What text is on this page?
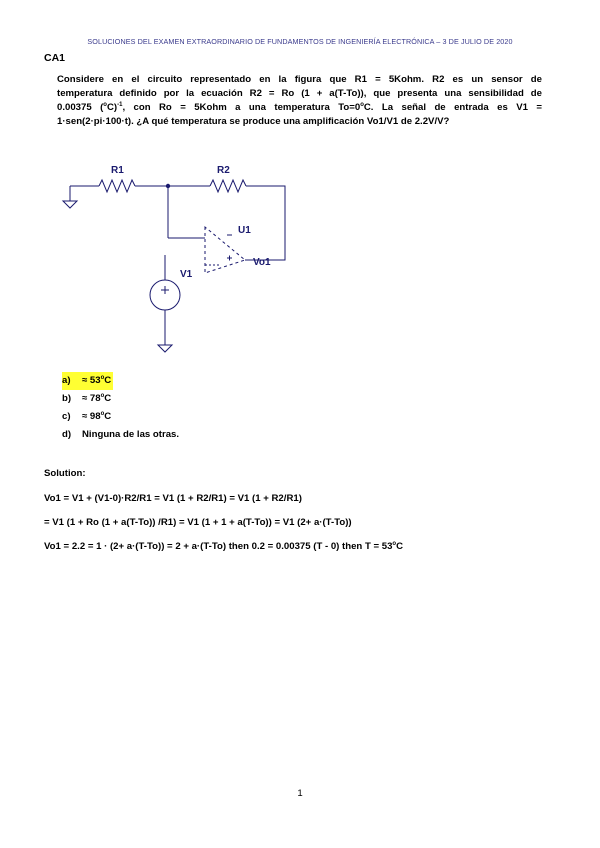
SOLUCIONES DEL EXAMEN EXTRAORDINARIO DE FUNDAMENTOS DE INGENIERÍA ELECTRÓNICA – 3 DE JULIO DE 2020
CA1
Considere en el circuito representado en la figura que R1 = 5Kohm. R2 es un sensor de
temperatura definido por la ecuación R2 = Ro (1 + a(T-To)), que presenta una sensibilidad de
0.00375 $(^oC)^{-1}$, con Ro = 5Kohm a una temperatura $To=0^oC$. La señal de entrada es V1 =
1·sen(2·pi·100·t). ¿A qué temperatura se produce una amplificación Vo1/V1 de 2.2V/V?
R1	R2
U1
V1
Vo1
$a) \approx 53^oC$
$b) \approx 78^oC$
$c) \approx 98^oC$
d) Ninguna de las otras.
Solution:
Vo1 = V1 + (V1-0)·R2/R1 = V1 (1 + R2/R1) = V1 (1 + R2/R1)
= V1 (1 + Ro (1 + a(T-To)) /R1) = V1 (1 + 1 + a(T-To)) = V1 (2+ a·(T-To))
Vo1 = 2.2 = 1 · (2+ a·(T-To)) = 2 + a·(T-To) then 0.2 = 0.00375 (T - 0) then $T = 53^oC$
1
